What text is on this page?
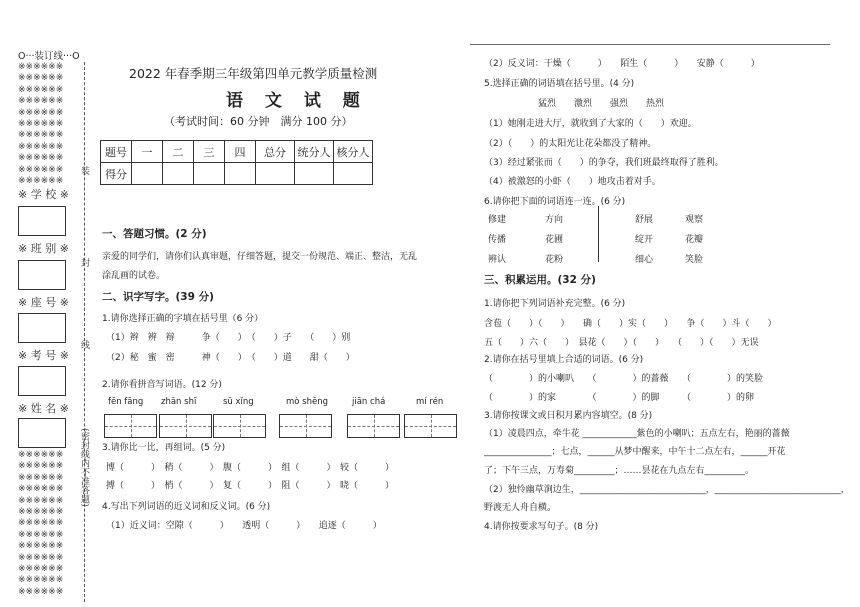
O···装订线···O
※※※※※※
※※※※※※
※※※※※※
※※※※※※
※※※※※※
※※※※※※
※※※※※※
※※※※※※
※※※※※※
※※※※※※
※※※※※※
※ 学 校 ※
※ 班 别 ※
※ 座 号 ※
※ 考 号 ※
※ 姓 名 ※
※※※※※※
※※※※※※
※※※※※※
※※※※※※
※※※※※※
※※※※※※
※※※※※※
※※※※※※
※※※※※※
※※※※※※
※※※※※※
※※※※※※
※※※※※※
装
封
线
(密封线内不准答题)
2022 年春季期三年级第四单元教学质量检测
语 文 试 题
（考试时间：60 分钟　满分 100 分）
题号	一	二	三	四	总分	统分人	核分人
得分							
一、答题习惯。(2 分)
亲爱的同学们，请你们认真审题，仔细答题，提交一份规范、端正、整洁，无乱
涂乱画的试卷。
二、识字写字。(39 分)
1.请你选择正确的字填在括号里（6 分）
（1）辫　辨　辩　　　争（　　）　（　　）子　　（　　）别
（2）秘　蜜　密　　　神（　　）　（　　）道　　甜（　　）
2.请你看拼音写词语。(12 分)
fēn fāng zhān shī	sū xǐng	mò shēng	jiān chá	mí rén
3.请你比一比，再组词。(5 分)
博（　　　）　稍（　　　）　腹（　　　）　组（　　　）　较（　　　）
搏（　　　）　梢（　　　）　复（　　　）　阻（　　　）　晓（　　　）
4.写出下列词语的近义词和反义词。(6 分)
（1）近义词：空隙（　　　）　　透明（　　　）　　追逐（　　　）
（2）反义词：干燥（　　　）　　陌生（　　　）　　安静（　　　）
5.选择正确的词语填在括号里。(4 分)
猛烈　　激烈　　强烈　　热烈
（1）她刚走进大厅，就收到了大家的（　　）欢迎。
（2）（　　）的太阳光让花朵都没了精神。
（3）经过紧张而（　　）的争夺，我们班最终取得了胜利。
（4）被激怒的小虾（　　）地攻击着对手。
6.请你把下面的词语连一连。(6 分)
修建	方向
传播	花圃
辨认	花粉
舒展	观察
绽开	花瓣
细心	笑脸
三、积累运用。(32 分)
1.请你把下列词语补充完整。(6 分)
含苞（　　）（　　）　　确（　　）实（　　）　　争（　　）斗（　　）
五（　　）六（　　）　县花（　　）（　　）　　（　　）（　　）无误
2.请你在括号里填上合适的词语。(6 分)
（　　　　）的小喇叭　　（　　　　）的蔷薇　　（　　　　）的笑脸
（　　　　）的家　　　　（　　　　）的脚　　　（　　　　）的卵
3.请你按课文或日积月累内容填空。(8 分)
（1）凌晨四点，牵牛花 ____________紫色的小喇叭；五点左右，艳丽的蔷薇
_______________；七点，______从梦中醒来，中午十二点左右，______开花
了；下午三点，万寿菊_________；……昙花在九点左右_________。
（2）独怜幽草涧边生，____________________________，____________________________，
野渡无人舟自横。
4.请你按要求写句子。(8 分)
